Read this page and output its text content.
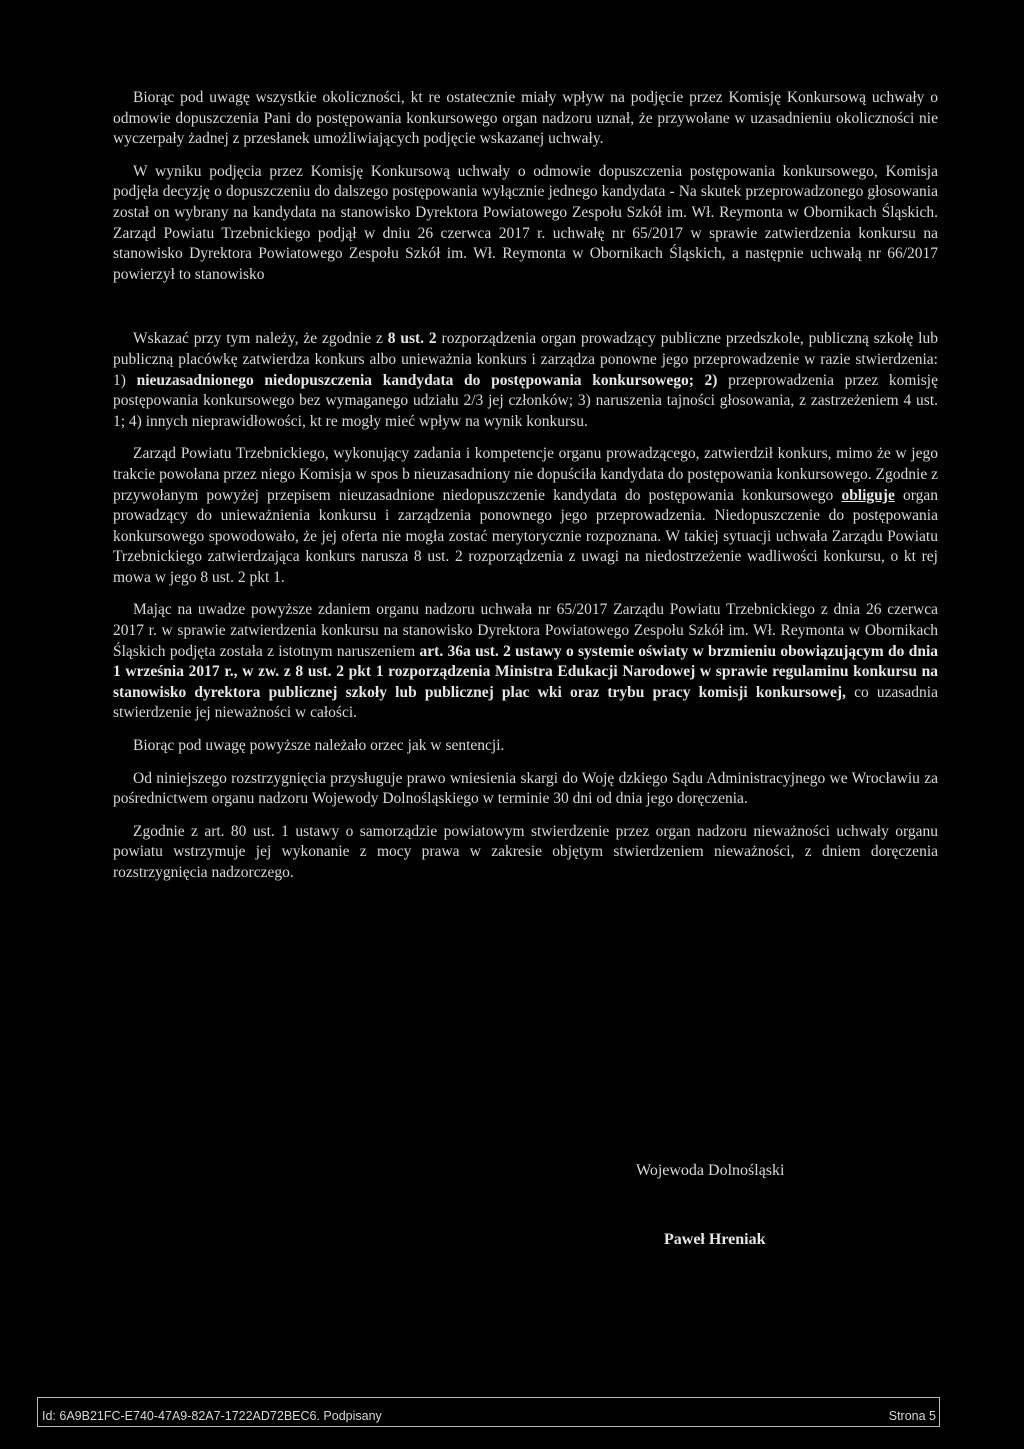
Biorąc pod uwagę wszystkie okoliczności, kt re ostatecznie miały wpływ na podjęcie przez Komisję Konkursową uchwały o odmowie dopuszczenia Pani do postępowania konkursowego organ nadzoru uznał, że przywołane w uzasadnieniu okoliczności nie wyczerpały żadnej z przesłanek umożliwiających podjęcie wskazanej uchwały.

W wyniku podjęcia przez Komisję Konkursową uchwały o odmowie dopuszczenia postępowania konkursowego, Komisja podjęła decyzję o dopuszczeniu do dalszego postępowania wyłącznie jednego kandydata - Na skutek przeprowadzonego głosowania został on wybrany na kandydata na stanowisko Dyrektora Powiatowego Zespołu Szkół im. Wł. Reymonta w Obornikach Śląskich. Zarząd Powiatu Trzebnickiego podjął w dniu 26 czerwca 2017 r. uchwałę nr 65/2017 w sprawie zatwierdzenia konkursu na stanowisko Dyrektora Powiatowego Zespołu Szkół im. Wł. Reymonta w Obornikach Śląskich, a następnie uchwałą nr 66/2017 powierzył to stanowisko

Wskazać przy tym należy, że zgodnie z 8 ust. 2 rozporządzenia organ prowadzący publiczne przedszkole, publiczną szkołę lub publiczną placówkę zatwierdza konkurs albo unieważnia konkurs i zarządza ponowne jego przeprowadzenie w razie stwierdzenia: 1) nieuzasadnionego niedopuszczenia kandydata do postępowania konkursowego; 2) przeprowadzenia przez komisję postępowania konkursowego bez wymaganego udziału 2/3 jej członków; 3) naruszenia tajności głosowania, z zastrzeżeniem 4 ust. 1; 4) innych nieprawidłowości, kt re mogły mieć wpływ na wynik konkursu.

Zarząd Powiatu Trzebnickiego, wykonujący zadania i kompetencje organu prowadzącego, zatwierdził konkurs, mimo że w jego trakcie powołana przez niego Komisja w spos b nieuzasadniony nie dopuściła kandydata do postępowania konkursowego. Zgodnie z przywołanym powyżej przepisem nieuzasadnione niedopuszczenie kandydata do postępowania konkursowego obliguje organ prowadzący do unieważnienia konkursu i zarządzenia ponownego jego przeprowadzenia. Niedopuszczenie do postępowania konkursowego spowodowało, że jej oferta nie mogła zostać merytorycznie rozpoznana. W takiej sytuacji uchwała Zarządu Powiatu Trzebnickiego zatwierdzająca konkurs narusza 8 ust. 2 rozporządzenia z uwagi na niedostrzeżenie wadliwości konkursu, o kt rej mowa w jego 8 ust. 2 pkt 1.

Mając na uwadze powyższe zdaniem organu nadzoru uchwała nr 65/2017 Zarządu Powiatu Trzebnickiego z dnia 26 czerwca 2017 r. w sprawie zatwierdzenia konkursu na stanowisko Dyrektora Powiatowego Zespołu Szkół im. Wł. Reymonta w Obornikach Śląskich podjęta została z istotnym naruszeniem art. 36a ust. 2 ustawy o systemie oświaty w brzmieniu obowiązującym do dnia 1 września 2017 r., w zw. z 8 ust. 2 pkt 1 rozporządzenia Ministra Edukacji Narodowej w sprawie regulaminu konkursu na stanowisko dyrektora publicznej szkoły lub publicznej plac wki oraz trybu pracy komisji konkursowej, co uzasadnia stwierdzenie jej nieważności w całości.

Biorąc pod uwagę powyższe należało orzec jak w sentencji.

Od niniejszego rozstrzygnięcia przysługuje prawo wniesienia skargi do Woję dzkiego Sądu Administracyjnego we Wrocławiu za pośrednictwem organu nadzoru Wojewody Dolnośląskiego w terminie 30 dni od dnia jego doręczenia.

Zgodnie z art. 80 ust. 1 ustawy o samorządzie powiatowym stwierdzenie przez organ nadzoru nieważności uchwały organu powiatu wstrzymuje jej wykonanie z mocy prawa w zakresie objętym stwierdzeniem nieważności, z dniem doręczenia rozstrzygnięcia nadzorczego.

Wojewoda Dolnośląski
Paweł Hreniak
Id: 6A9B21FC-E740-47A9-82A7-1722AD72BEC6. Podpisany	Strona 5
